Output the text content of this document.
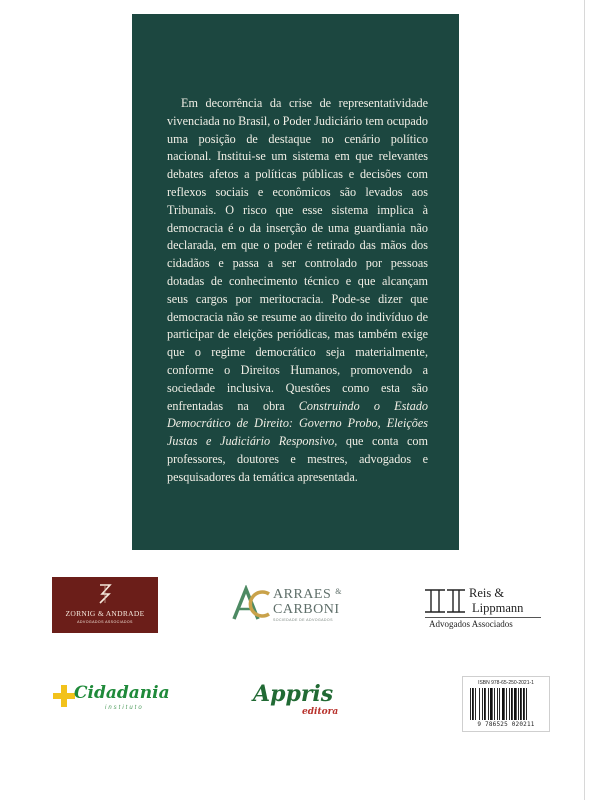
Em decorrência da crise de representatividade vivenciada no Brasil, o Poder Judiciário tem ocupado uma posição de destaque no cenário político nacional. Institui-se um sistema em que relevantes debates afetos a políticas públicas e decisões com reflexos sociais e econômicos são levados aos Tribunais. O risco que esse sistema implica à democracia é o da inserção de uma guardiania não declarada, em que o poder é retirado das mãos dos cidadãos e passa a ser controlado por pessoas dotadas de conhecimento técnico e que alcançam seus cargos por meritocracia. Pode-se dizer que democracia não se resume ao direito do indivíduo de participar de eleições periódicas, mas também exige que o regime democrático seja materialmente, conforme o Direitos Humanos, promovendo a sociedade inclusiva. Questões como esta são enfrentadas na obra Construindo o Estado Democrático de Direito: Governo Probo, Eleições Justas e Judiciário Responsivo, que conta com professores, doutores e mestres, advogados e pesquisadores da temática apresentada.

ZORNIG & ANDRADE
ADVOGADOS ASSOCIADOS
ARRAES &
CARBONI
SOCIEDADE DE ADVOGADOS
Reis &
Lippmann
Advogados Associados
Cidadania
instituto
Appris
editora
ISBN 978-65-250-2021-1
9 786525 020211
